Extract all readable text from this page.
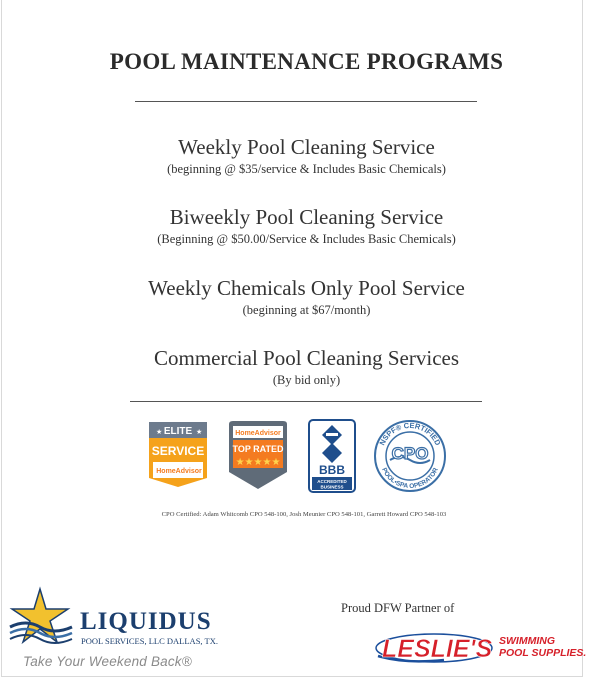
POOL MAINTENANCE PROGRAMS
Weekly Pool Cleaning Service
(beginning @ $35/service & Includes Basic Chemicals)
Biweekly Pool Cleaning Service
(Beginning @ $50.00/Service & Includes Basic Chemicals)
Weekly Chemicals Only Pool Service
(beginning at $67/month)
Commercial Pool Cleaning Services
(By bid only)
ELITE
★	★
SERVICE
HomeAdvisor
HomeAdvisor
TOP RATED
★★★★★
BBB
ACCREDITED
BUSINESS
NSPF® CERTIFIED
POOL•SPA OPERATOR
CPO
CPO Certified: Adam Whitcomb CPO 548-100, Josh Meunier CPO 548-101, Garrett Howard CPO 548-103
LIQUIDUS
POOL SERVICES, LLC DALLAS, TX.
Take Your Weekend Back®
Proud DFW Partner of
LESLIE'S SWIMMING
POOL SUPPLIES.
